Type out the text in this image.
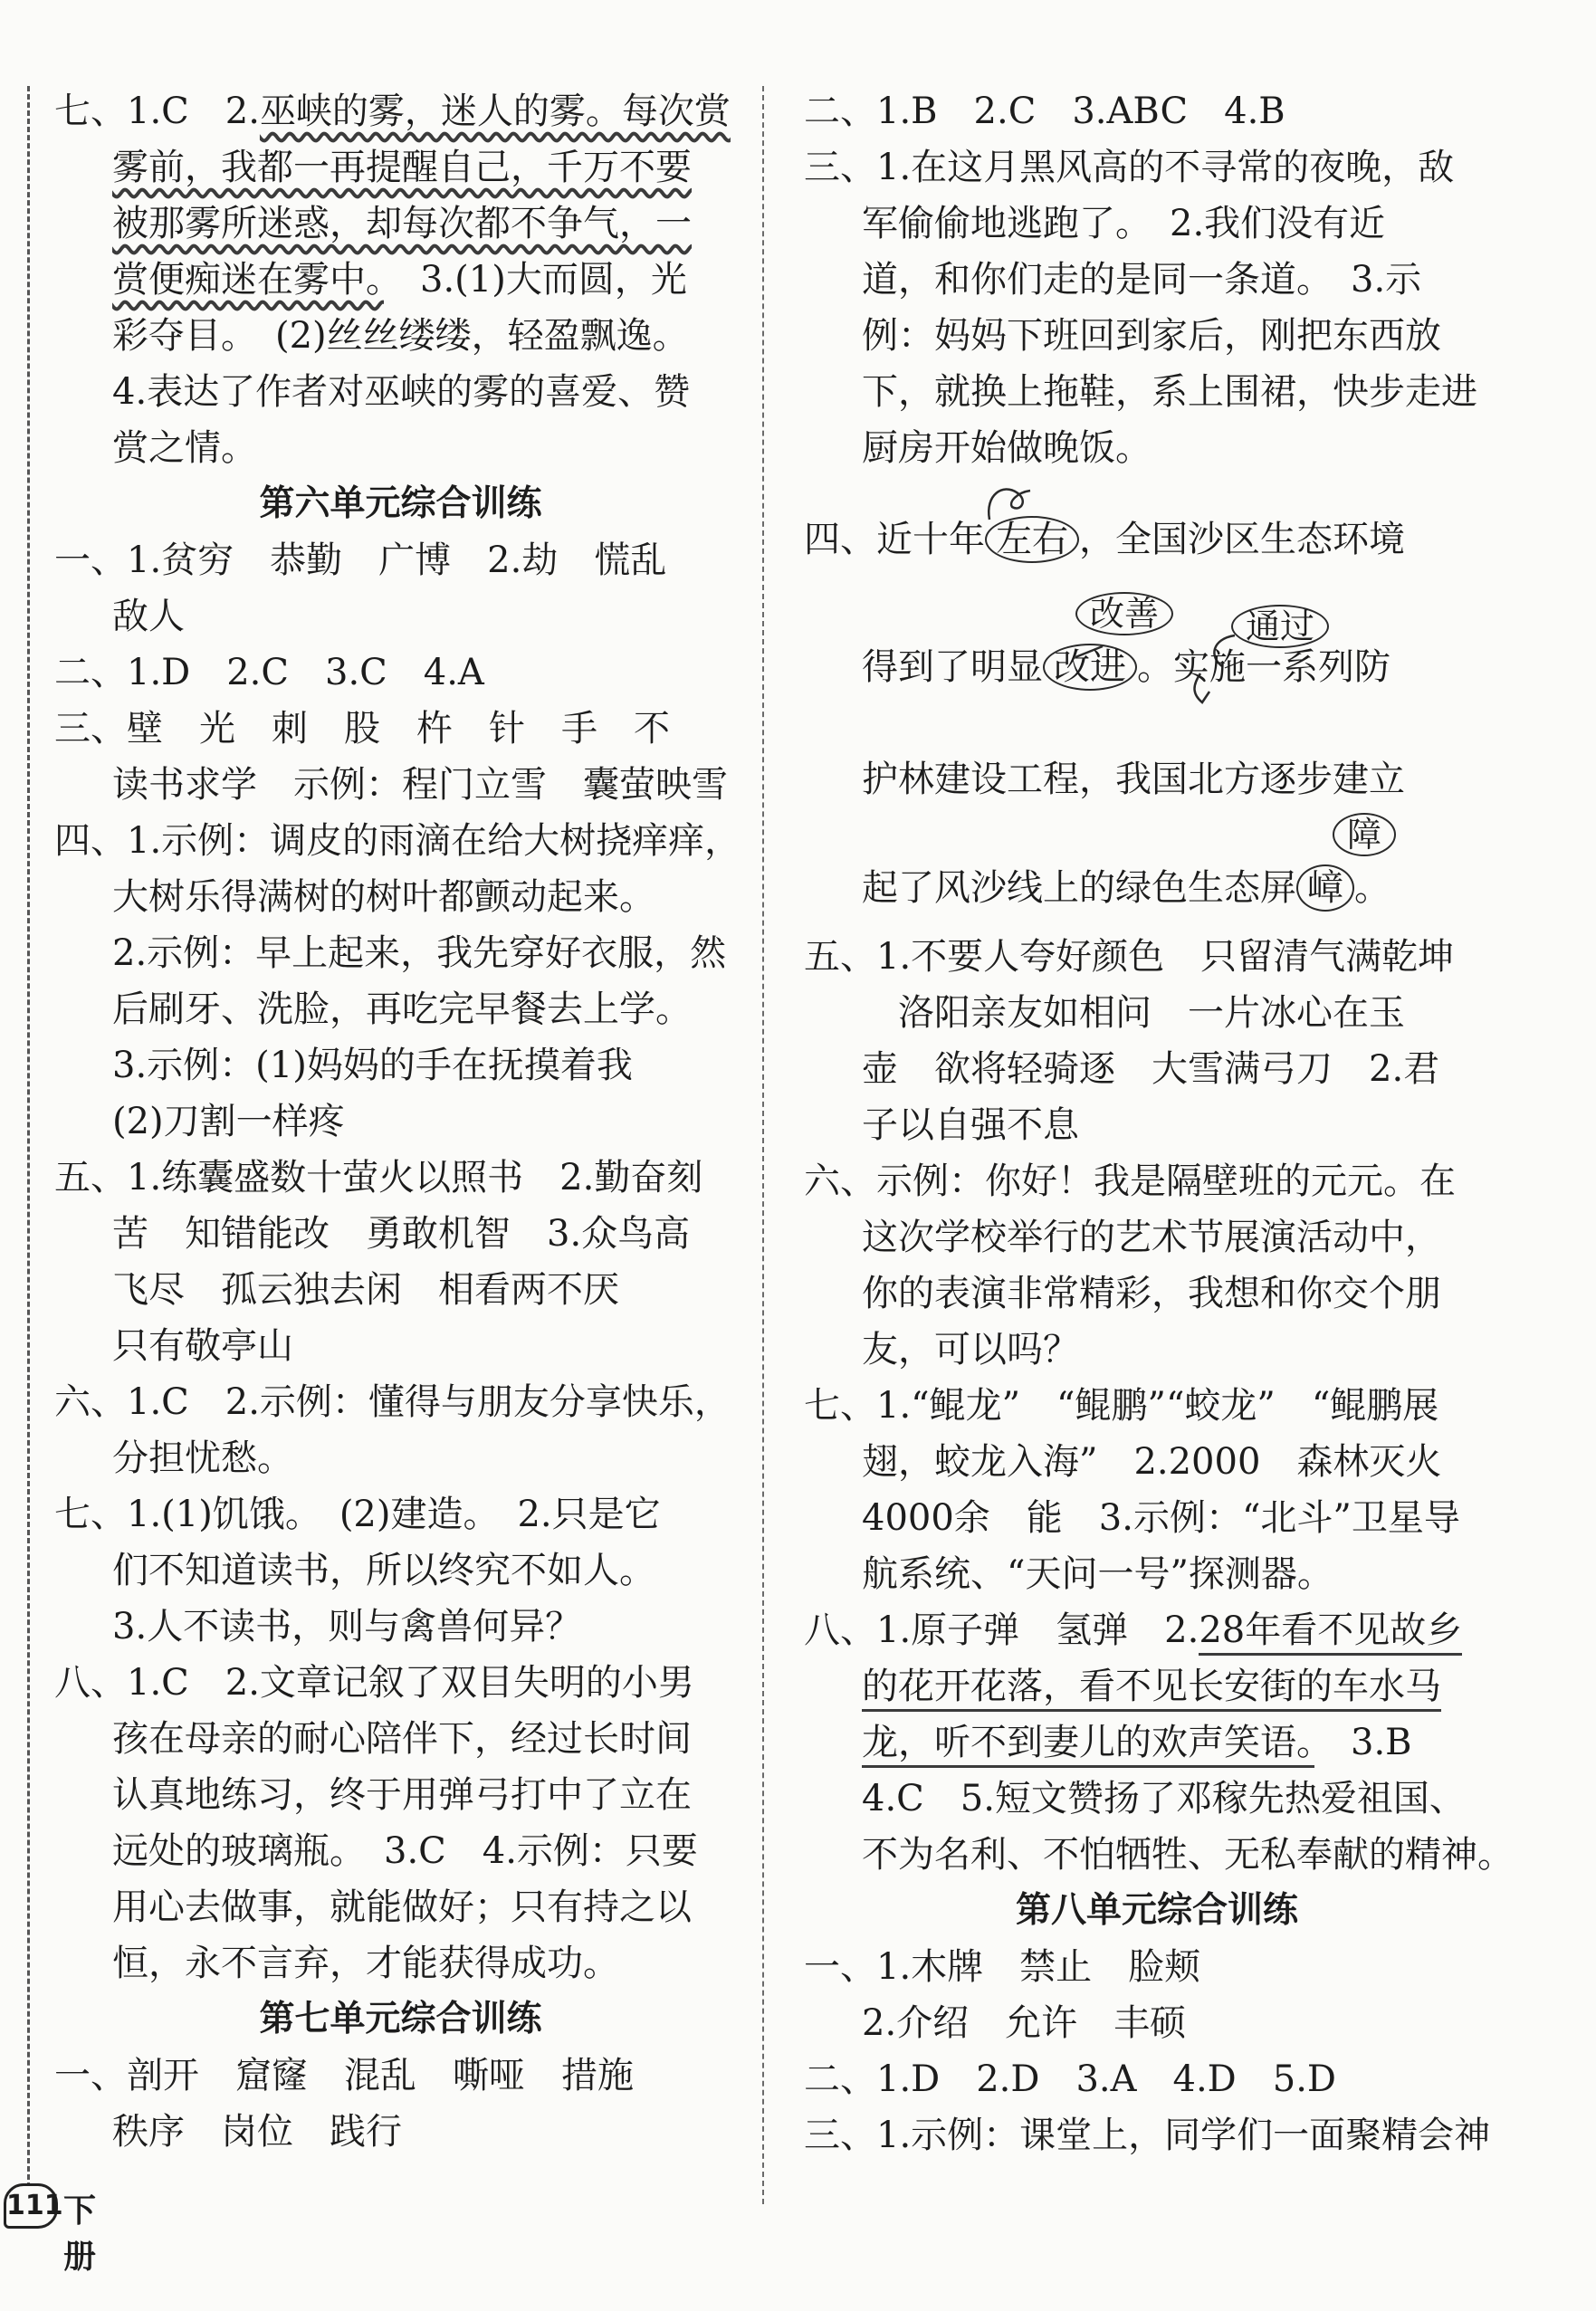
七、1.C　2.巫峡的雾，迷人的雾。每次赏
雾前，我都一再提醒自己，千万不要
被那雾所迷惑，却每次都不争气，一
赏便痴迷在雾中。　3.(1)大而圆，光
彩夺目。　(2)丝丝缕缕，轻盈飘逸。
4.表达了作者对巫峡的雾的喜爱、赞
赏之情。
第六单元综合训练
一、1.贫穷　恭勤　广博　2.劫　慌乱
敌人
二、1.D　2.C　3.C　4.A
三、壁　光　刺　股　杵　针　手　不
读书求学　示例：程门立雪　囊萤映雪
四、1.示例：调皮的雨滴在给大树挠痒痒，
大树乐得满树的树叶都颤动起来。
2.示例：早上起来，我先穿好衣服，然
后刷牙、洗脸，再吃完早餐去上学。
3.示例：(1)妈妈的手在抚摸着我
(2)刀割一样疼
五、1.练囊盛数十萤火以照书　2.勤奋刻
苦　知错能改　勇敢机智　3.众鸟高
飞尽　孤云独去闲　相看两不厌
只有敬亭山
六、1.C　2.示例：懂得与朋友分享快乐，
分担忧愁。
七、1.(1)饥饿。　(2)建造。　2.只是它
们不知道读书，所以终究不如人。
3.人不读书，则与禽兽何异？
八、1.C　2.文章记叙了双目失明的小男
孩在母亲的耐心陪伴下，经过长时间
认真地练习，终于用弹弓打中了立在
远处的玻璃瓶。　3.C　4.示例：只要
用心去做事，就能做好；只有持之以
恒，永不言弃，才能获得成功。
第七单元综合训练
一、剖开　窟窿　混乱　嘶哑　措施
秩序　岗位　践行
二、1.B　2.C　3.ABC　4.B
三、1.在这月黑风高的不寻常的夜晚，敌
军偷偷地逃跑了。　2.我们没有近
道，和你们走的是同一条道。　3.示
例：妈妈下班回到家后，刚把东西放
下，就换上拖鞋，系上围裙，快步走进
厨房开始做晚饭。
四、近十年 左右 ，全国沙区生态环境
改善	通过
得到了明显 改进 。实施一系列防
护林建设工程，我国北方逐步建立
障
起了风沙线上的绿色生态屏 嶂 。
五、1.不要人夸好颜色　只留清气满乾坤
　洛阳亲友如相问　一片冰心在玉
壶　欲将轻骑逐　大雪满弓刀　2.君
子以自强不息
六、示例：你好！我是隔壁班的元元。在
这次学校举行的艺术节展演活动中，
你的表演非常精彩，我想和你交个朋
友，可以吗？
七、1.“鲲龙”　“鲲鹏”“蛟龙”　“鲲鹏展
翅，蛟龙入海”　2.2000　森林灭火
4000余　能　3.示例：“北斗”卫星导
航系统、“天问一号”探测器。
八、1.原子弹　氢弹　2.28年看不见故乡
的花开花落，看不见长安街的车水马
龙，听不到妻儿的欢声笑语。　3.B
4.C　5.短文赞扬了邓稼先热爱祖国、
不为名利、不怕牺牲、无私奉献的精神。
第八单元综合训练
一、1.木牌　禁止　脸颊
2.介绍　允许　丰硕
二、1.D　2.D　3.A　4.D　5.D
三、1.示例：课堂上，同学们一面聚精会神
111 下册
